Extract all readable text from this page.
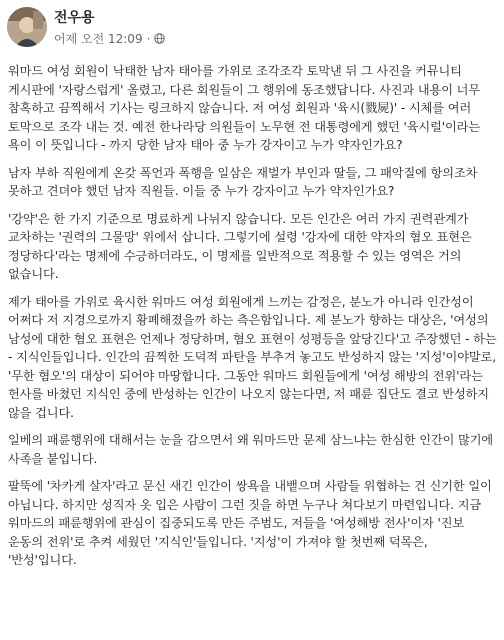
전우용
어제 오전 12:09 ·

워마드 여성 회원이 낙태한 남자 태아를 가위로 조각조각 토막낸 뒤 그 사진을 커뮤니티 게시판에 '자랑스럽게' 올렸고, 다른 회원들이 그 행위에 동조했답니다. 사진과 내용이 너무 참혹하고 끔찍해서 기사는 링크하지 않습니다. 저 여성 회원과 '육시(戮屍)' - 시체를 여러 토막으로 조각 내는 것. 예전 한나라당 의원들이 노무현 전 대통령에게 했던 '육시럴'이라는 욕이 이 뜻입니다 - 까지 당한 남자 태아 중 누가 강자이고 누가 약자인가요?

남자 부하 직원에게 온갖 폭언과 폭행을 일삼은 재벌가 부인과 딸들, 그 패악질에 항의조차 못하고 견뎌야 했던 남자 직원들. 이들 중 누가 강자이고 누가 약자인가요?

'강약'은 한 가지 기준으로 명료하게 나뉘지 않습니다. 모든 인간은 여러 가지 권력관계가 교차하는 '권력의 그물망' 위에서 삽니다. 그렇기에 설령 '강자에 대한 약자의 혐오 표현은 정당하다'라는 명제에 수긍하더라도, 이 명제를 일반적으로 적용할 수 있는 영역은 거의 없습니다.

제가 태아를 가위로 육시한 워마드 여성 회원에게 느끼는 감정은, 분노가 아니라 인간성이 어쩌다 저 지경으로까지 황폐해졌을까 하는 측은함입니다. 제 분노가 향하는 대상은, '여성의 남성에 대한 혐오 표현은 언제나 정당하며, 혐오 표현이 성평등을 앞당긴다'고 주장했던 - 하는 - 지식인들입니다. 인간의 끔찍한 도덕적 파탄을 부추겨 놓고도 반성하지 않는 '지성'이야말로, '무한 혐오'의 대상이 되어야 마땅합니다. 그동안 워마드 회원들에게 '여성 해방의 전위'라는 헌사를 바쳤던 지식인 중에 반성하는 인간이 나오지 않는다면, 저 패륜 집단도 결코 반성하지 않을 겁니다.

일베의 패륜행위에 대해서는 눈을 감으면서 왜 워마드만 문제 삼느냐는 한심한 인간이 많기에 사족을 붙입니다.

팔뚝에 '차카게 살자'라고 문신 새긴 인간이 쌍욕을 내뱉으며 사람들 위협하는 건 신기한 일이 아닙니다. 하지만 성직자 옷 입은 사람이 그런 짓을 하면 누구나 쳐다보기 마련입니다. 지금 워마드의 패륜행위에 관심이 집중되도록 만든 주범도, 저들을 '여성해방 전사'이자 '진보 운동의 전위'로 추켜 세웠던 '지식인'들입니다. '지성'이 가져야 할 첫번째 덕목은, '반성'입니다.
